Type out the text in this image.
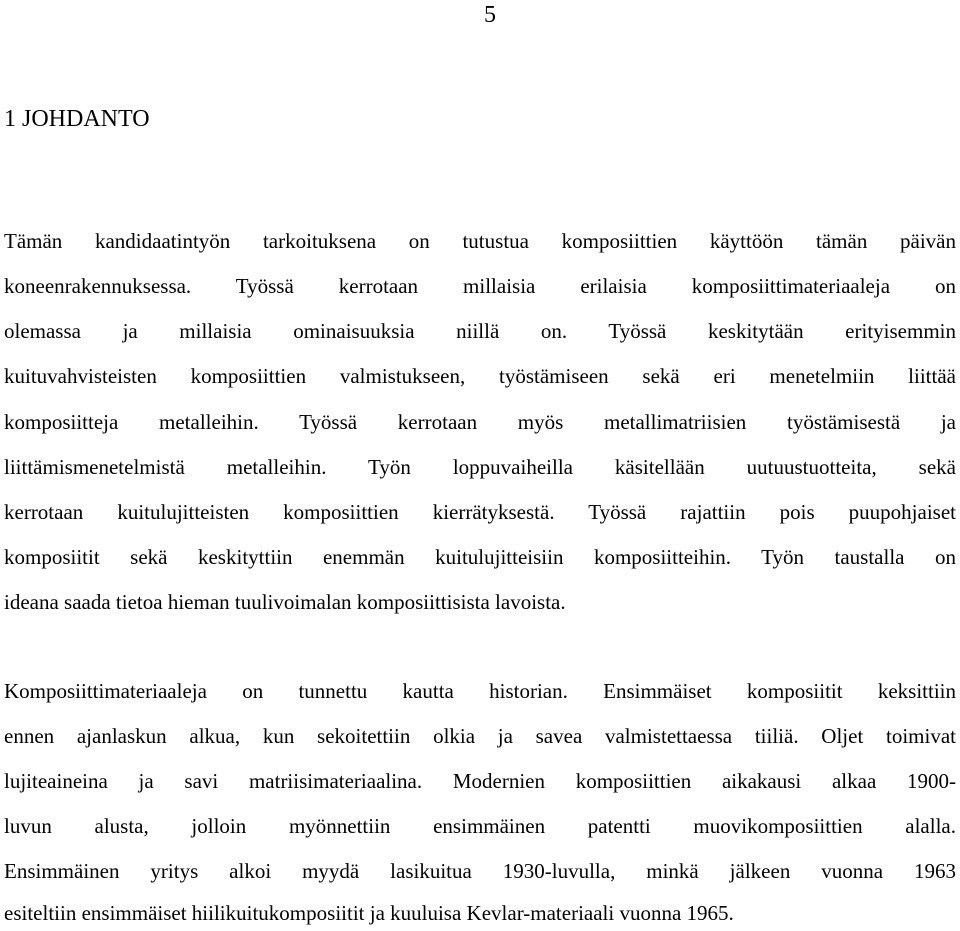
5
1 JOHDANTO
Tämän kandidaatintyön tarkoituksena on tutustua komposiittien käyttöön tämän päivän
koneenrakennuksessa. Työssä kerrotaan millaisia erilaisia komposiittimateriaaleja on
olemassa ja millaisia ominaisuuksia niillä on. Työssä keskitytään erityisemmin
kuituvahvisteisten komposiittien valmistukseen, työstämiseen sekä eri menetelmiin liittää
komposiitteja metalleihin. Työssä kerrotaan myös metallimatriisien työstämisestä ja
liittämismenetelmistä metalleihin. Työn loppuvaiheilla käsitellään uutuustuotteita, sekä
kerrotaan kuitulujitteisten komposiittien kierrätyksestä. Työssä rajattiin pois puupohjaiset
komposiitit sekä keskityttiin enemmän kuitulujitteisiin komposiitteihin. Työn taustalla on
ideana saada tietoa hieman tuulivoimalan komposiittisista lavoista.
Komposiittimateriaaleja on tunnettu kautta historian. Ensimmäiset komposiitit keksittiin
ennen ajanlaskun alkua, kun sekoitettiin olkia ja savea valmistettaessa tiiliä. Oljet toimivat
lujiteaineina ja savi matriisimateriaalina. Modernien komposiittien aikakausi alkaa 1900-
luvun alusta, jolloin myönnettiin ensimmäinen patentti muovikomposiittien alalla.
Ensimmäinen yritys alkoi myydä lasikuitua 1930-luvulla, minkä jälkeen vuonna 1963
esiteltiin ensimmäiset hiilikuitukomposiitit ja kuuluisa Kevlar-materiaali vuonna 1965.
